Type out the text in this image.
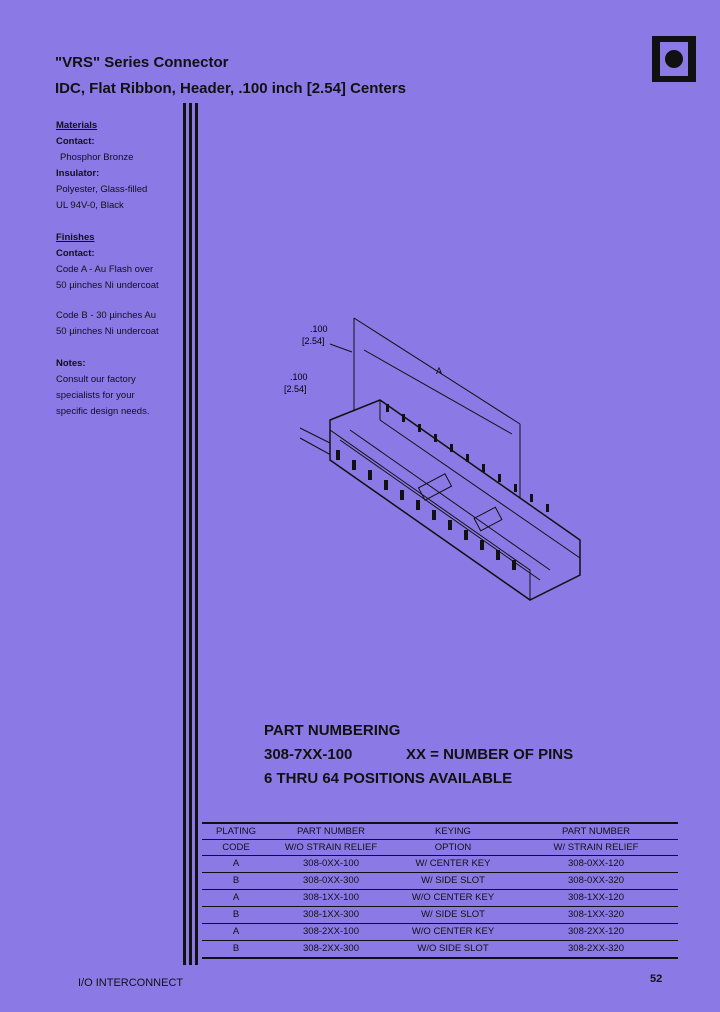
"VRS" Series Connector
IDC, Flat Ribbon, Header, .100 inch [2.54] Centers

Materials

Contact:

Phosphor Bronze

Insulator:

Polyester, Glass-filled

UL 94V-0, Black

Finishes

Contact:

Code A - Au Flash over

50 µinches Ni undercoat

Code B - 30 µinches Au

50 µinches Ni undercoat

Notes:

Consult our factory

specialists for your

specific design needs.

.100
[2.54]
.100
[2.54]
A
PART NUMBERING
308-7XX-100	XX = NUMBER OF PINS
6 THRU 64 POSITIONS AVAILABLE
PLATING	PART NUMBER	KEYING	PART NUMBER
CODE	W/O STRAIN RELIEF	OPTION	W/ STRAIN RELIEF
A	308-0XX-100	W/ CENTER KEY	308-0XX-120
B	308-0XX-300	W/ SIDE SLOT	308-0XX-320
A	308-1XX-100	W/O CENTER KEY	308-1XX-120
B	308-1XX-300	W/ SIDE SLOT	308-1XX-320
A	308-2XX-100	W/O CENTER KEY	308-2XX-120
B	308-2XX-300	W/O SIDE SLOT	308-2XX-320
I/O INTERCONNECT	52
